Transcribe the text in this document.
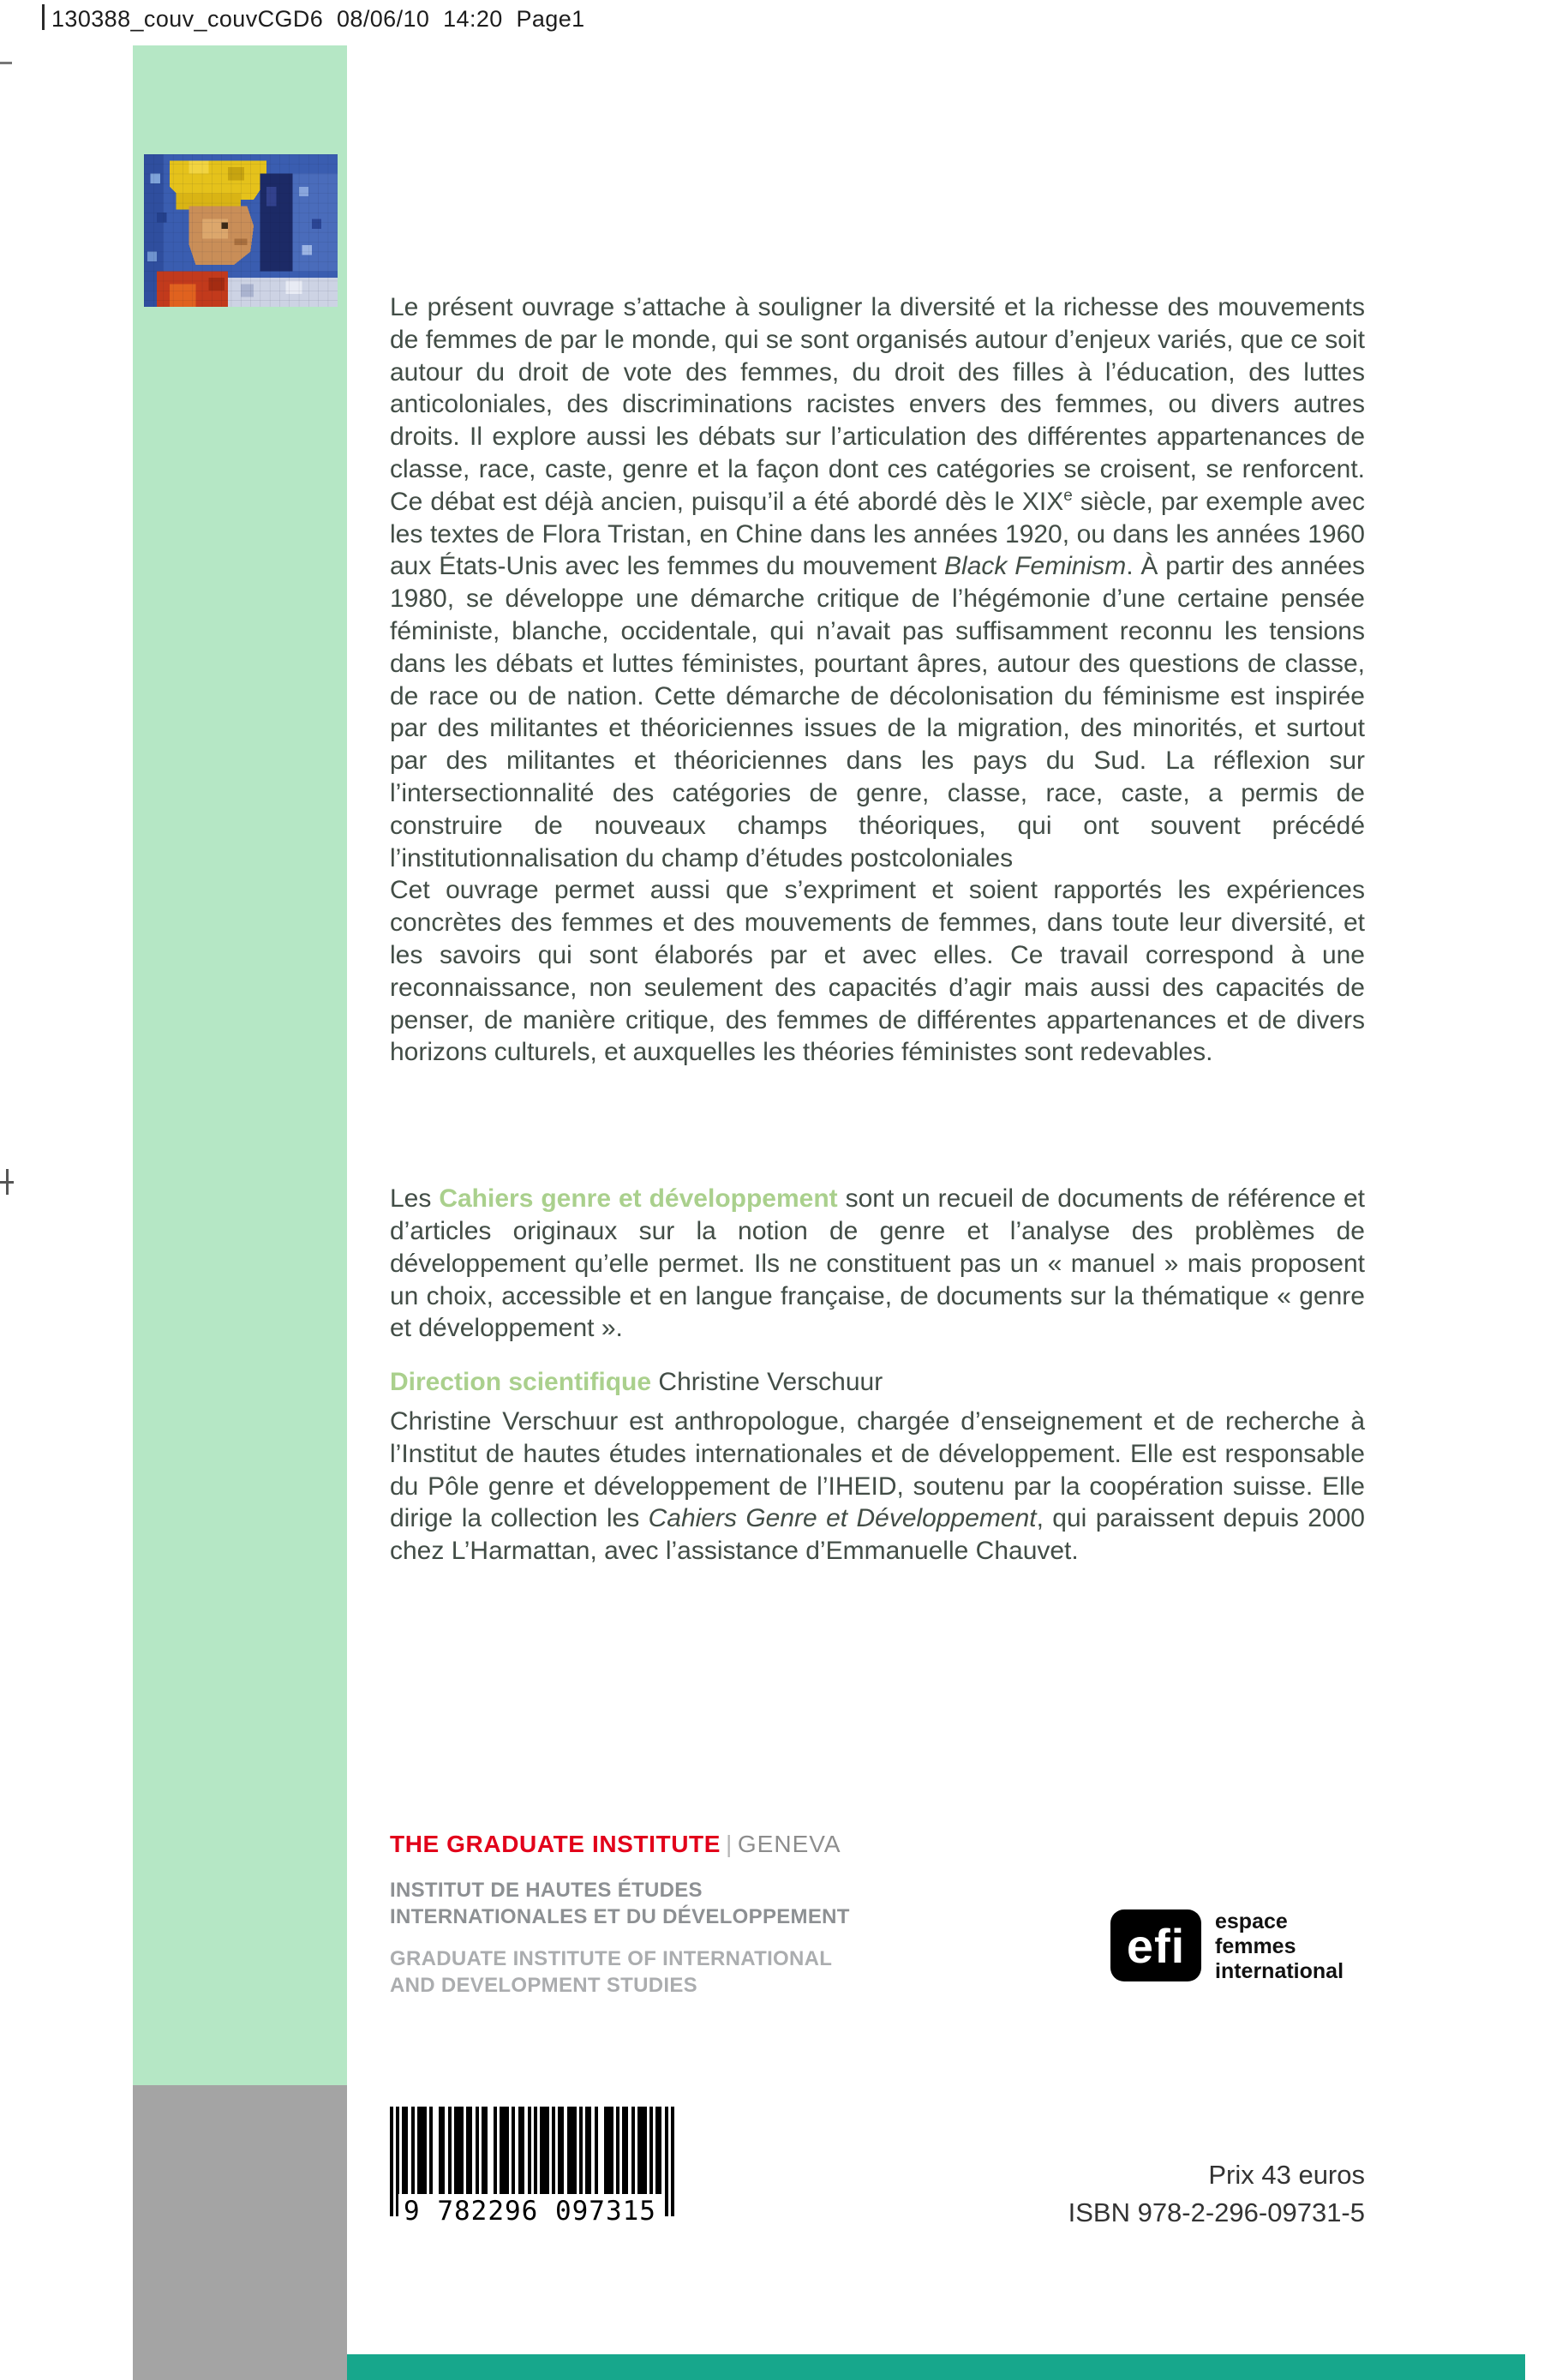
130388_couv_couvCGD6  08/06/10  14:20  Page1

Le présent ouvrage s’attache à souligner la diversité et la richesse des mouvements de femmes de par le monde, qui se sont organisés autour d’enjeux variés, que ce soit autour du droit de vote des femmes, du droit des filles à l’éducation, des luttes anticoloniales, des discriminations racistes envers des femmes, ou divers autres droits. Il explore aussi les débats sur l’articulation des différentes appartenances de classe, race, caste, genre et la façon dont ces catégories se croisent, se renforcent. Ce débat est déjà ancien, puisqu’il a été abordé dès le XIXe siècle, par exemple avec les textes de Flora Tristan, en Chine dans les années 1920, ou dans les années 1960 aux États-Unis avec les femmes du mouvement Black Feminism. À partir des années 1980, se développe une démarche critique de l’hégémonie d’une certaine pensée féministe, blanche, occidentale, qui n’avait pas suffisamment reconnu les tensions dans les débats et luttes féministes, pourtant âpres, autour des questions de classe, de race ou de nation. Cette démarche de décolonisation du féminisme est inspirée par des militantes et théoriciennes issues de la migration, des minorités, et surtout par des militantes et théoriciennes dans les pays du Sud. La réflexion sur l’intersectionnalité des catégories de genre, classe, race, caste, a permis de construire de nouveaux champs théoriques, qui ont souvent précédé l’institutionnalisation du champ d’études postcoloniales

Cet ouvrage permet aussi que s’expriment et soient rapportés les expériences concrètes des femmes et des mouvements de femmes, dans toute leur diversité, et les savoirs qui sont élaborés par et avec elles. Ce travail correspond à une reconnaissance, non seulement des capacités d’agir mais aussi des capacités de penser, de manière critique, des femmes de différentes appartenances et de divers horizons culturels, et auxquelles les théories féministes sont redevables.

Les Cahiers genre et développement sont un recueil de documents de référence et d’articles originaux sur la notion de genre et l’analyse des problèmes de développement qu’elle permet. Ils ne constituent pas un « manuel » mais proposent un choix, accessible et en langue française, de documents sur la thématique « genre et développement ».

Direction scientifique Christine Verschuur

Christine Verschuur est anthropologue, chargée d’enseignement et de recherche à l’Institut de hautes études internationales et de développement. Elle est responsable du Pôle genre et développement de l’IHEID, soutenu par la coopération suisse. Elle dirige la collection les Cahiers Genre et Développement, qui paraissent depuis 2000 chez L’Harmattan, avec l’assistance d’Emmanuelle Chauvet.

THE GRADUATE INSTITUTE | GENEVA
INSTITUT DE HAUTES ÉTUDES
INTERNATIONALES ET DU DÉVELOPPEMENT
GRADUATE INSTITUTE OF INTERNATIONAL
AND DEVELOPMENT STUDIES
efi	espace
femmes
international
9 782296 097315
Prix 43 euros
ISBN 978-2-296-09731-5
